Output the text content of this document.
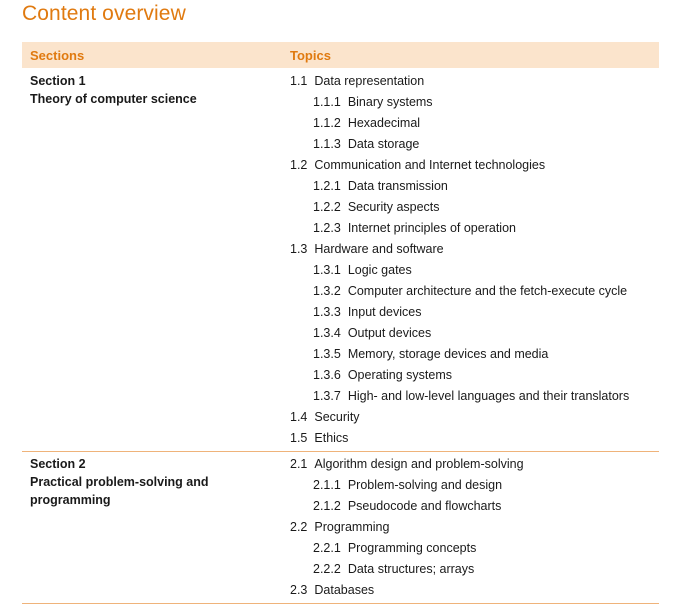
Content overview
Sections	Topics
Section 1
Theory of computer science
1.1 Data representation
1.1.1 Binary systems
1.1.2 Hexadecimal
1.1.3 Data storage
1.2 Communication and Internet technologies
1.2.1 Data transmission
1.2.2 Security aspects
1.2.3 Internet principles of operation
1.3 Hardware and software
1.3.1 Logic gates
1.3.2 Computer architecture and the fetch-execute cycle
1.3.3 Input devices
1.3.4 Output devices
1.3.5 Memory, storage devices and media
1.3.6 Operating systems
1.3.7 High- and low-level languages and their translators
1.4 Security
1.5 Ethics
Section 2
Practical problem-solving and programming
2.1 Algorithm design and problem-solving
2.1.1 Problem-solving and design
2.1.2 Pseudocode and flowcharts
2.2 Programming
2.2.1 Programming concepts
2.2.2 Data structures; arrays
2.3 Databases
